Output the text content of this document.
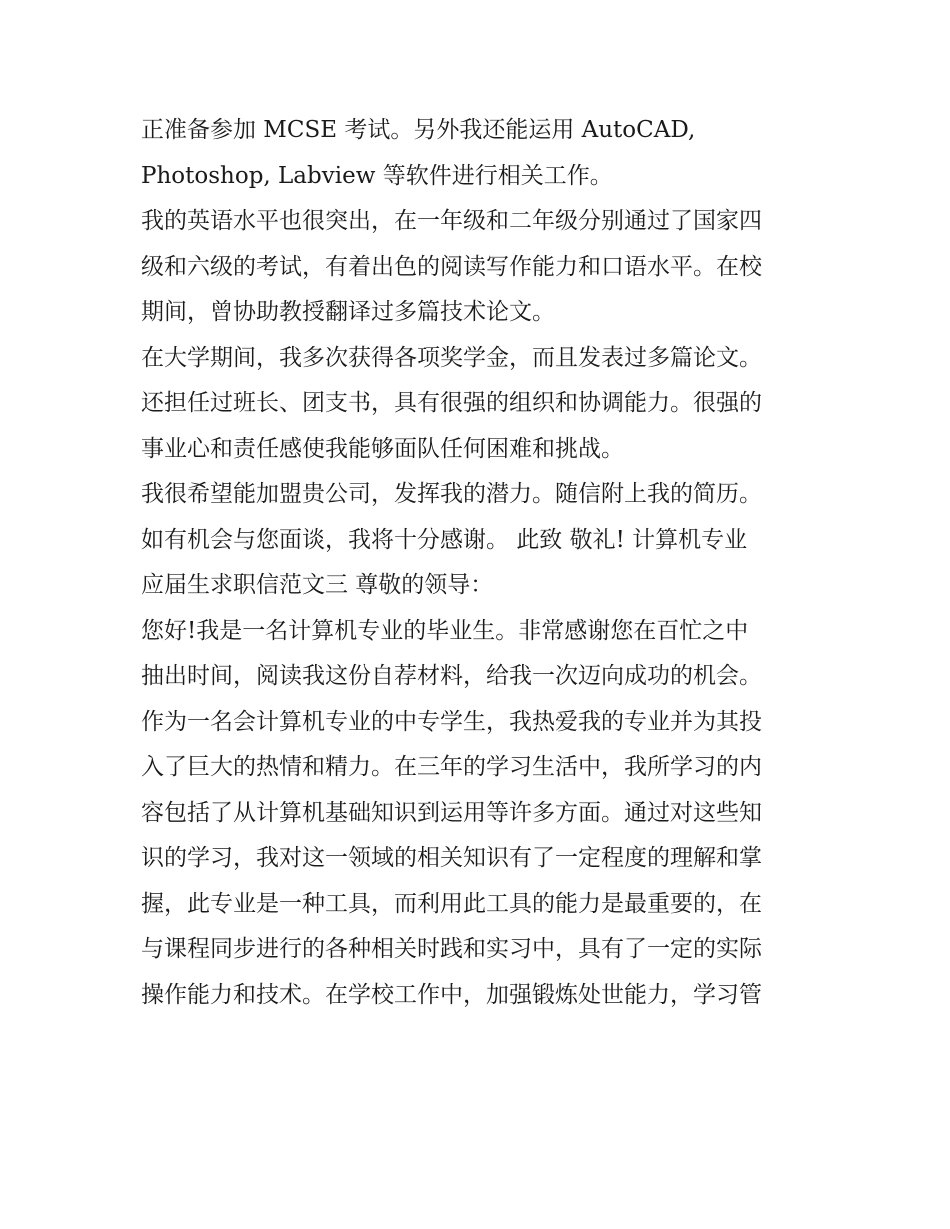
正准备参加 MCSE 考试。另外我还能运用 AutoCAD,
Photoshop, Labview 等软件进行相关工作。
我的英语水平也很突出，在一年级和二年级分别通过了国家四
级和六级的考试，有着出色的阅读写作能力和口语水平。在校
期间，曾协助教授翻译过多篇技术论文。
在大学期间，我多次获得各项奖学金，而且发表过多篇论文。
还担任过班长、团支书，具有很强的组织和协调能力。很强的
事业心和责任感使我能够面队任何困难和挑战。
我很希望能加盟贵公司，发挥我的潜力。随信附上我的简历。
如有机会与您面谈，我将十分感谢。 此致 敬礼! 计算机专业
应届生求职信范文三 尊敬的领导：
您好!我是一名计算机专业的毕业生。非常感谢您在百忙之中
抽出时间，阅读我这份自荐材料，给我一次迈向成功的机会。
作为一名会计算机专业的中专学生，我热爱我的专业并为其投
入了巨大的热情和精力。在三年的学习生活中，我所学习的内
容包括了从计算机基础知识到运用等许多方面。通过对这些知
识的学习，我对这一领域的相关知识有了一定程度的理解和掌
握，此专业是一种工具，而利用此工具的能力是最重要的，在
与课程同步进行的各种相关时践和实习中，具有了一定的实际
操作能力和技术。在学校工作中，加强锻炼处世能力，学习管
